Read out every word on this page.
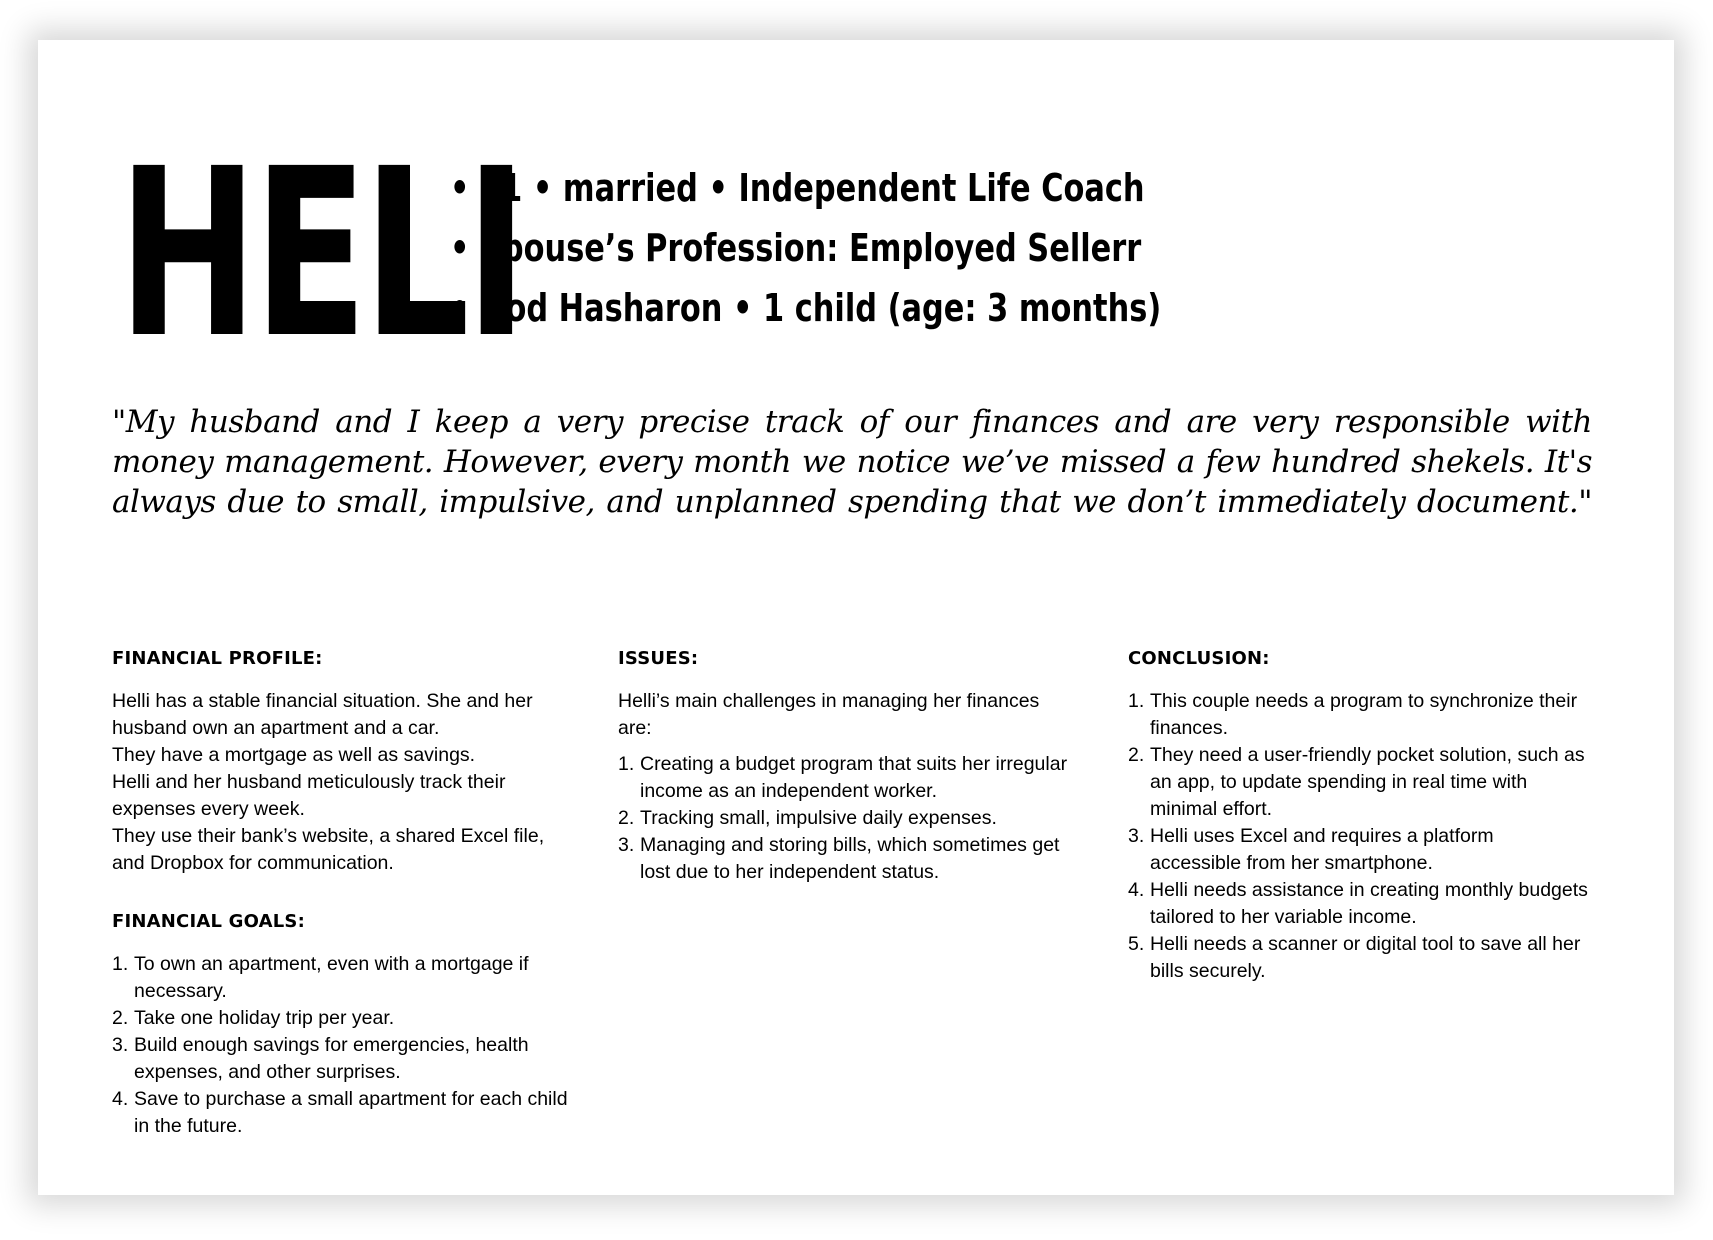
HELI
• 31 • married • Independent Life Coach
• Spouse’s Profession: Employed Sellerr
• Hod Hasharon • 1 child (age: 3 months)

"My husband and I keep a very precise track of our finances and are very responsible with money management. However, every month we notice we’ve missed a few hundred shekels. It's always due to small, impulsive, and unplanned spending that we don’t immediately document."

FINANCIAL PROFILE:
Helli has a stable financial situation. She and her husband own an apartment and a car.
They have a mortgage as well as savings.
Helli and her husband meticulously track their expenses every week.
They use their bank’s website, a shared Excel file, and Dropbox for communication.
FINANCIAL GOALS:
1. To own an apartment, even with a mortgage if necessary.
2. Take one holiday trip per year.
3. Build enough savings for emergencies, health expenses, and other surprises.
4. Save to purchase a small apartment for each child in the future.
ISSUES:

Helli’s main challenges in managing her finances are:

1. Creating a budget program that suits her irregular income as an independent worker.
2. Tracking small, impulsive daily expenses.
3. Managing and storing bills, which sometimes get lost due to her independent status.
CONCLUSION:
1. This couple needs a program to synchronize their finances.
2. They need a user-friendly pocket solution, such as an app, to update spending in real time with minimal effort.
3. Helli uses Excel and requires a platform accessible from her smartphone.
4. Helli needs assistance in creating monthly budgets tailored to her variable income.
5. Helli needs a scanner or digital tool to save all her bills securely.
